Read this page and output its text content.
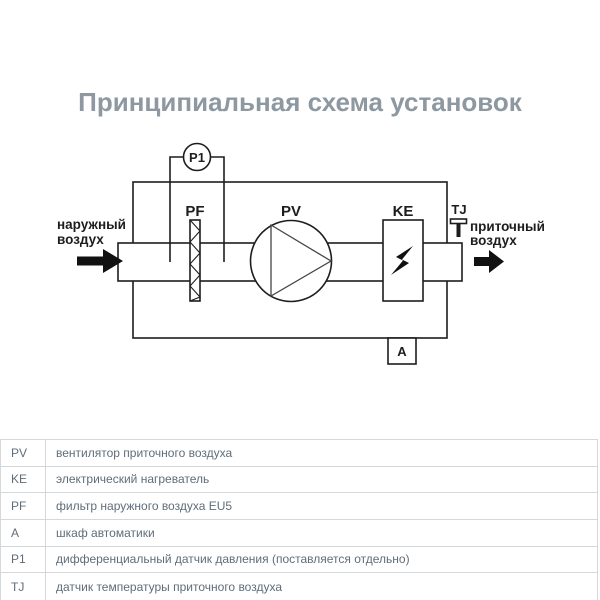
Принципиальная схема установок
P1
PF	PV	KE	TJ
A
наружный
воздух
приточный
воздух
PV	вентилятор приточного воздуха
KE	электрический нагреватель
PF	фильтр наружного воздуха EU5
A	шкаф автоматики
P1	дифференциальный датчик давления (поставляется отдельно)
TJ	датчик температуры приточного воздуха
